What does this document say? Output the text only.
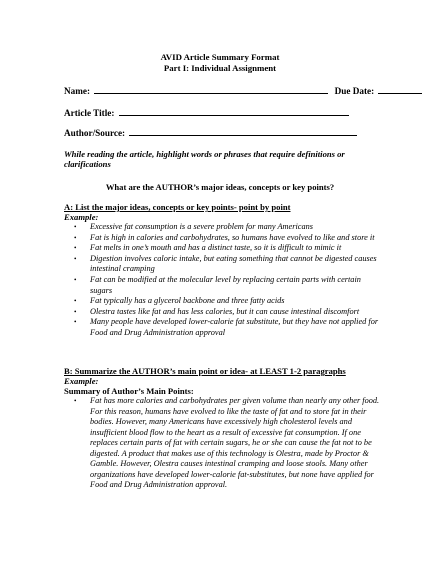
AVID Article Summary Format
Part I: Individual Assignment
Name:	Due Date:
Article Title:
Author/Source:
While reading the article, highlight words or phrases that require definitions or clarifications
What are the AUTHOR’s major ideas, concepts or key points?
A: List the major ideas, concepts or key points- point by point
Example:
• Excessive fat consumption is a severe problem for many Americans
• Fat is high in calories and carbohydrates, so humans have evolved to like and store it
• Fat melts in one’s mouth and has a distinct taste, so it is difficult to mimic it
• Digestion involves caloric intake, but eating something that cannot be digested causes intestinal cramping
• Fat can be modified at the molecular level by replacing certain parts with certain sugars
• Fat typically has a glycerol backbone and three fatty acids
• Olestra tastes like fat and has less calories, but it can cause intestinal discomfort
• Many people have developed lower-calorie fat substitute, but they have not applied for Food and Drug Administration approval
B: Summarize the AUTHOR’s main point or idea- at LEAST 1-2 paragraphs
Example:
Summary of Author’s Main Points:
• Fat has more calories and carbohydrates per given volume than nearly any other food. For this reason, humans have evolved to like the taste of fat and to store fat in their bodies. However, many Americans have excessively high cholesterol levels and insufficient blood flow to the heart as a result of excessive fat consumption. If one replaces certain parts of fat with certain sugars, he or she can cause the fat not to be digested. A product that makes use of this technology is Olestra, made by Proctor & Gamble. However, Olestra causes intestinal cramping and loose stools. Many other organizations have developed lower-calorie fat-substitutes, but none have applied for Food and Drug Administration approval.
